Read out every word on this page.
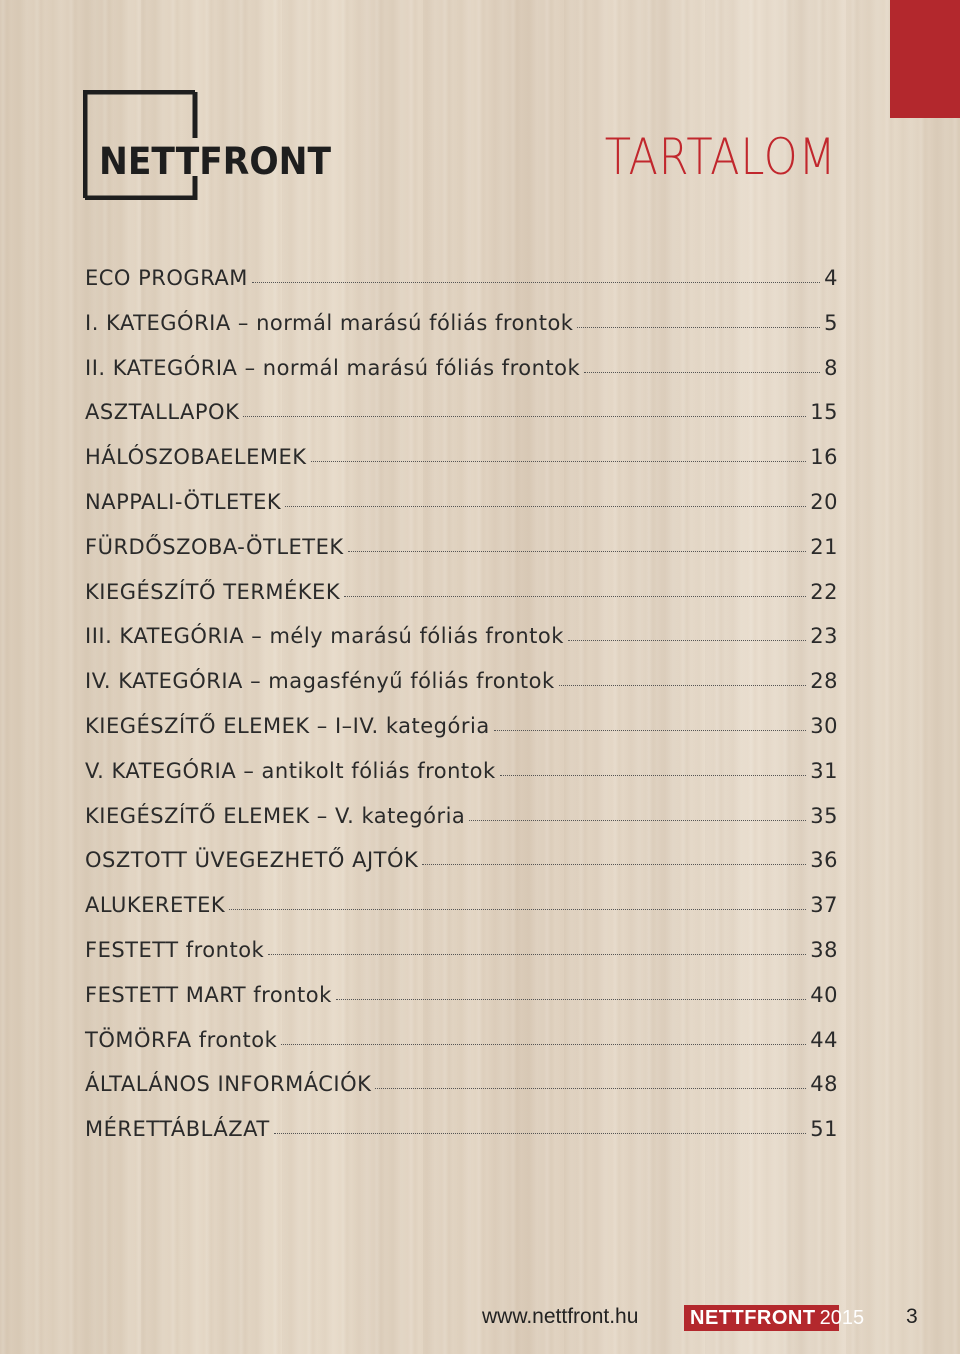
NETTFRONT	TARTALOM
ECO PROGRAM	4
I. KATEGÓRIA – normál marású fóliás frontok	5
II. KATEGÓRIA – normál marású fóliás frontok	8
ASZTALLAPOK	15
HÁLÓSZOBAELEMEK	16
NAPPALI-ÖTLETEK	20
FÜRDŐSZOBA-ÖTLETEK	21
KIEGÉSZÍTŐ TERMÉKEK	22
III. KATEGÓRIA – mély marású fóliás frontok	23
IV. KATEGÓRIA – magasfényű fóliás frontok	28
KIEGÉSZÍTŐ ELEMEK – I–IV. kategória	30
V. KATEGÓRIA – antikolt fóliás frontok	31
KIEGÉSZÍTŐ ELEMEK – V. kategória	35
OSZTOTT ÜVEGEZHETŐ AJTÓK	36
ALUKERETEK	37
FESTETT frontok	38
FESTETT MART frontok	40
TÖMÖRFA frontok	44
ÁLTALÁNOS INFORMÁCIÓK	48
MÉRETTÁBLÁZAT	51
www.nettfront.hu	NETTFRONT 2015 3
